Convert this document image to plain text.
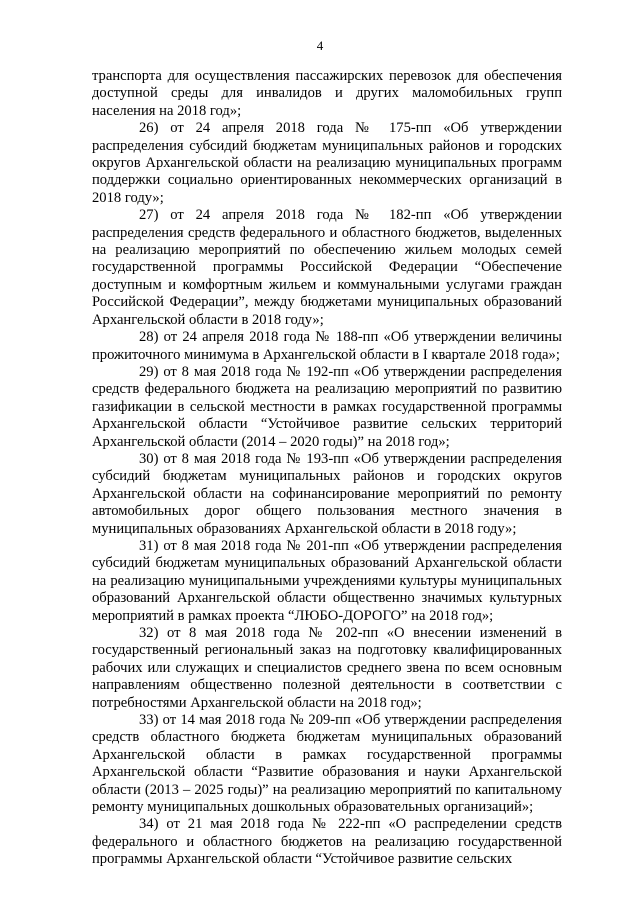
4

транспорта для осуществления пассажирских перевозок для обеспечения доступной среды для инвалидов и других маломобильных групп населения на 2018 год»;

26) от 24 апреля 2018 года № 175-пп «Об утверждении распределения субсидий бюджетам муниципальных районов и городских округов Архангельской области на реализацию муниципальных программ поддержки социально ориентированных некоммерческих организаций в 2018 году»;

27) от 24 апреля 2018 года № 182-пп «Об утверждении распределения средств федерального и областного бюджетов, выделенных на реализацию мероприятий по обеспечению жильем молодых семей государственной программы Российской Федерации “Обеспечение доступным и комфортным жильем и коммунальными услугами граждан Российской Федерации”, между бюджетами муниципальных образований Архангельской области в 2018 году»;

28) от 24 апреля 2018 года № 188-пп «Об утверждении величины прожиточного минимума в Архангельской области в I квартале 2018 года»;

29) от 8 мая 2018 года № 192-пп «Об утверждении распределения средств федерального бюджета на реализацию мероприятий по развитию газификации в сельской местности в рамках государственной программы Архангельской области “Устойчивое развитие сельских территорий Архангельской области (2014 – 2020 годы)” на 2018 год»;

30) от 8 мая 2018 года № 193-пп «Об утверждении распределения субсидий бюджетам муниципальных районов и городских округов Архангельской области на софинансирование мероприятий по ремонту автомобильных дорог общего пользования местного значения в муниципальных образованиях Архангельской области в 2018 году»;

31) от 8 мая 2018 года № 201-пп «Об утверждении распределения субсидий бюджетам муниципальных образований Архангельской области на реализацию муниципальными учреждениями культуры муниципальных образований Архангельской области общественно значимых культурных мероприятий в рамках проекта “ЛЮБО-ДОРОГО” на 2018 год»;

32) от 8 мая 2018 года № 202-пп «О внесении изменений в государственный региональный заказ на подготовку квалифицированных рабочих или служащих и специалистов среднего звена по всем основным направлениям общественно полезной деятельности в соответствии с потребностями Архангельской области на 2018 год»;

33) от 14 мая 2018 года № 209-пп «Об утверждении распределения средств областного бюджета бюджетам муниципальных образований Архангельской области в рамках государственной программы Архангельской области “Развитие образования и науки Архангельской области (2013 – 2025 годы)” на реализацию мероприятий по капитальному ремонту муниципальных дошкольных образовательных организаций»;

34) от 21 мая 2018 года № 222-пп «О распределении средств федерального и областного бюджетов на реализацию государственной программы Архангельской области “Устойчивое развитие сельских
